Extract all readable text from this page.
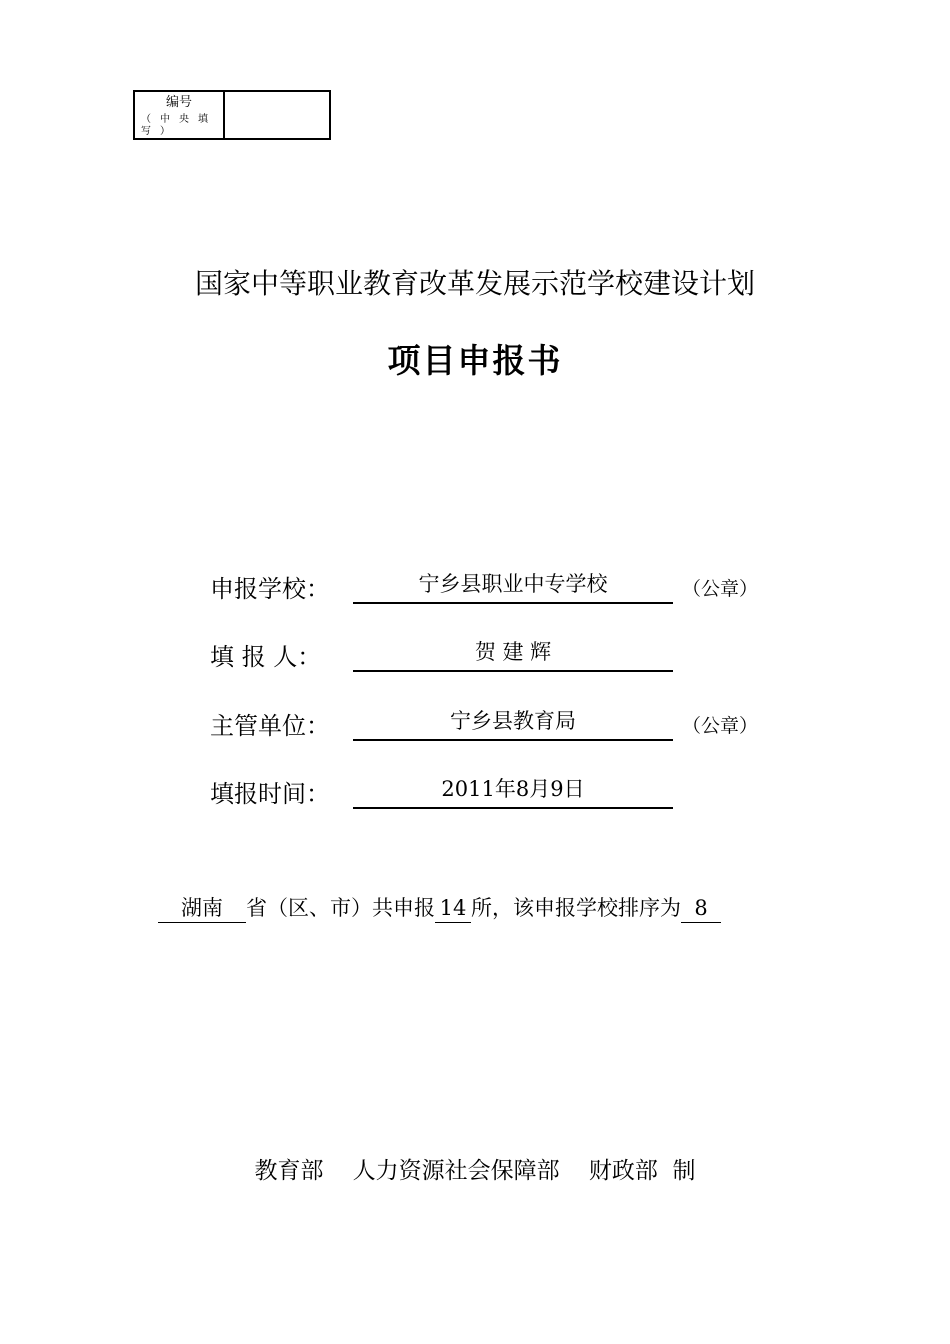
编号
（中央填写）
国家中等职业教育改革发展示范学校建设计划
项目申报书
申报学校：	宁乡县职业中专学校	（公章）
填 报 人：	贺 建 辉
主管单位：	宁乡县教育局	（公章）
填报时间：	2011年8月9日
湖南 省（区、市）共申报 14 所，该申报学校排序为 8
教育部    人力资源社会保障部    财政部  制
